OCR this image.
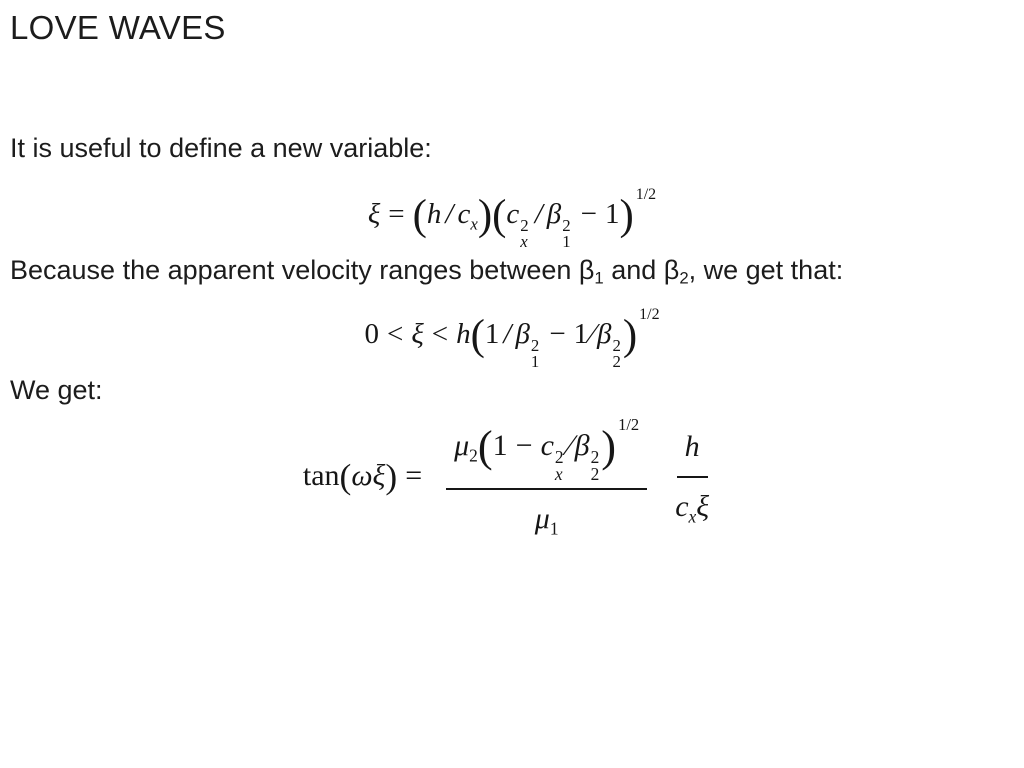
LOVE WAVES
It is useful to define a new variable:
$\xi = (h / c_x)(c$ 2
x
/ β 2
1
− 1) $^{1/2}$
Because the apparent velocity ranges between $\beta_1$ and $\beta_2$, we get that:
0 < ξ < h(1 / β 2
1
− 1∕β 2
2
) $^{1/2}$
We get:
$\tan(\omega\xi) = \mu_2(1 - c$ 2
x
∕β 2
2
) $^{1/2}$
$\mu_1 \frac{h}{c_x\xi}$
